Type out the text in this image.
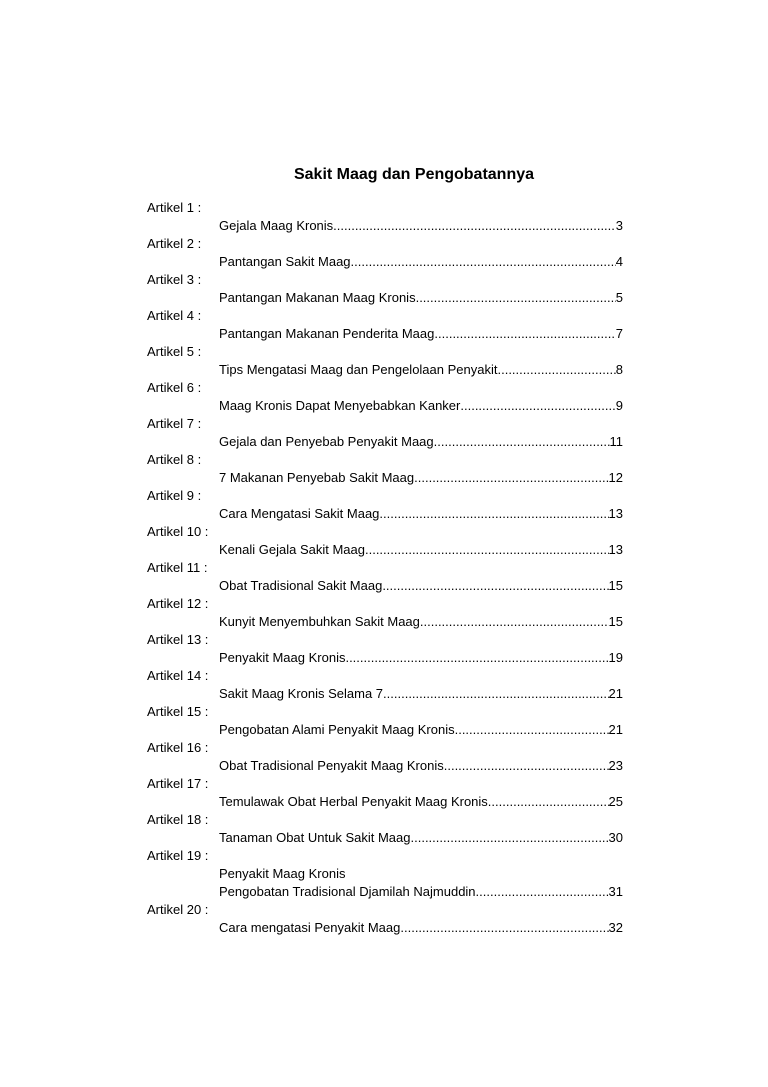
Sakit Maag dan Pengobatannya
Artikel 1 :
Gejala Maag Kronis .....	3
Artikel 2 :
Pantangan Sakit Maag .....	4
Artikel 3 :
Pantangan Makanan Maag Kronis .....	5
Artikel 4 :
Pantangan Makanan Penderita Maag .....	7
Artikel 5 :
Tips Mengatasi Maag dan Pengelolaan Penyakit .....	8
Artikel 6 :
Maag Kronis Dapat Menyebabkan Kanker .....	9
Artikel 7 :
Gejala dan Penyebab Penyakit Maag .....	11
Artikel 8 :
7 Makanan Penyebab Sakit Maag .....	12
Artikel 9 :
Cara Mengatasi Sakit Maag .....	13
Artikel 10 :
Kenali Gejala Sakit Maag .....	13
Artikel 11 :
Obat Tradisional Sakit Maag .....	15
Artikel 12 :
Kunyit Menyembuhkan Sakit Maag .....	15
Artikel 13 :
Penyakit Maag Kronis .....	19
Artikel 14 :
Sakit Maag Kronis Selama 7 .....	21
Artikel 15 :
Pengobatan Alami Penyakit Maag Kronis .....	21
Artikel 16 :
Obat Tradisional Penyakit Maag Kronis .....	23
Artikel 17 :
Temulawak Obat Herbal Penyakit Maag Kronis .....	25
Artikel 18 :
Tanaman Obat Untuk Sakit Maag .....	30
Artikel 19 :
Penyakit Maag Kronis
Pengobatan Tradisional Djamilah Najmuddin .....	31
Artikel 20 :
Cara mengatasi Penyakit Maag .....	32
